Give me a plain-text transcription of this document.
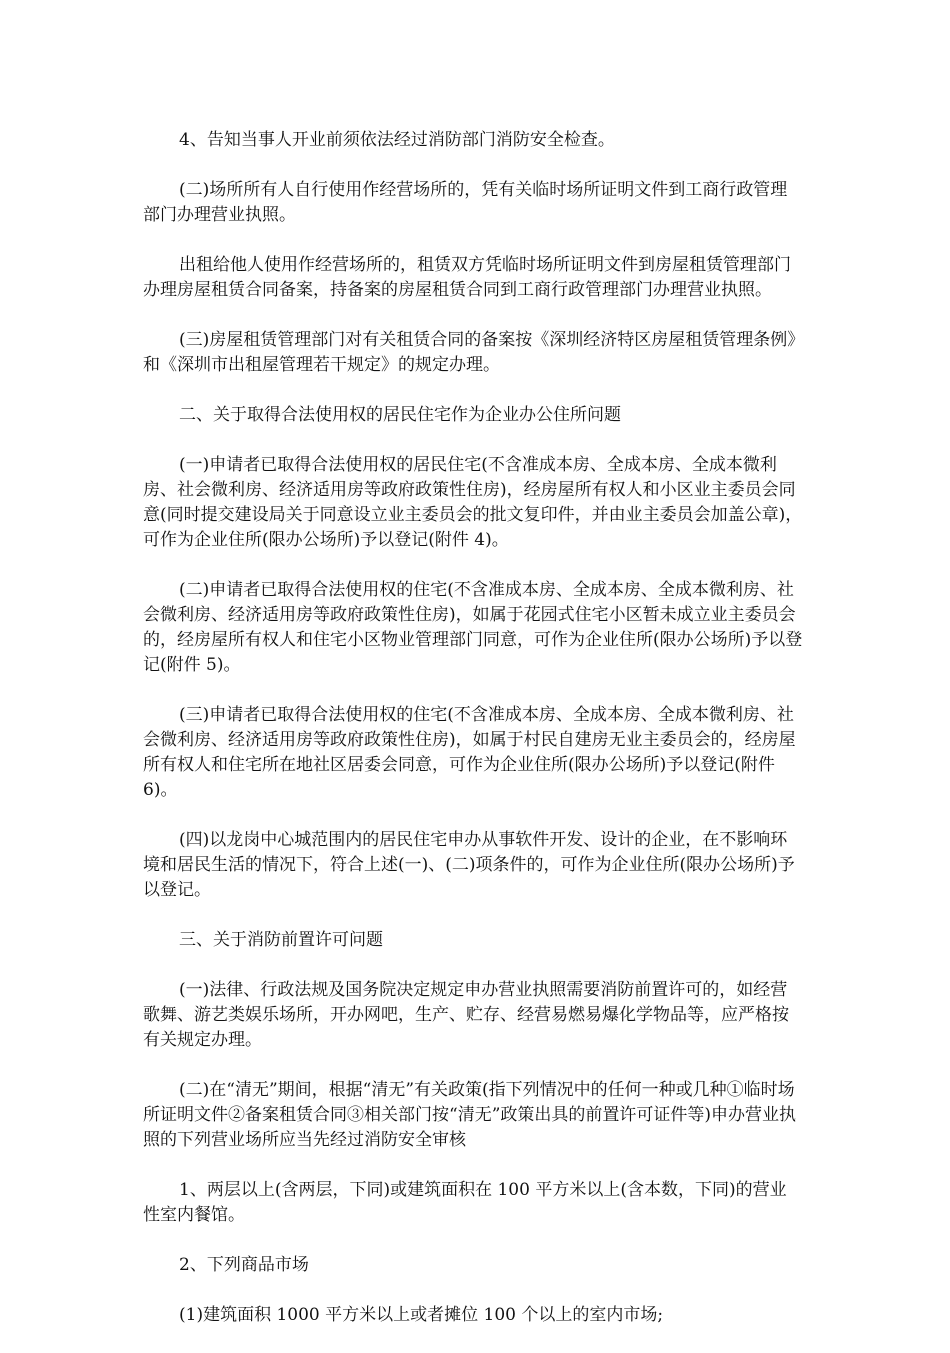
4、告知当事人开业前须依法经过消防部门消防安全检查。

(二)场所所有人自行使用作经营场所的，凭有关临时场所证明文件到工商行政管理部门办理营业执照。

出租给他人使用作经营场所的，租赁双方凭临时场所证明文件到房屋租赁管理部门办理房屋租赁合同备案，持备案的房屋租赁合同到工商行政管理部门办理营业执照。

(三)房屋租赁管理部门对有关租赁合同的备案按《深圳经济特区房屋租赁管理条例》和《深圳市出租屋管理若干规定》的规定办理。

二、关于取得合法使用权的居民住宅作为企业办公住所问题

(一)申请者已取得合法使用权的居民住宅(不含准成本房、全成本房、全成本微利房、社会微利房、经济适用房等政府政策性住房)，经房屋所有权人和小区业主委员会同意(同时提交建设局关于同意设立业主委员会的批文复印件，并由业主委员会加盖公章)，可作为企业住所(限办公场所)予以登记(附件 4)。

(二)申请者已取得合法使用权的住宅(不含准成本房、全成本房、全成本微利房、社会微利房、经济适用房等政府政策性住房)，如属于花园式住宅小区暂未成立业主委员会的，经房屋所有权人和住宅小区物业管理部门同意，可作为企业住所(限办公场所)予以登记(附件 5)。

(三)申请者已取得合法使用权的住宅(不含准成本房、全成本房、全成本微利房、社会微利房、经济适用房等政府政策性住房)，如属于村民自建房无业主委员会的，经房屋所有权人和住宅所在地社区居委会同意，可作为企业住所(限办公场所)予以登记(附件 6)。

(四)以龙岗中心城范围内的居民住宅申办从事软件开发、设计的企业，在不影响环境和居民生活的情况下，符合上述(一)、(二)项条件的，可作为企业住所(限办公场所)予以登记。

三、关于消防前置许可问题

(一)法律、行政法规及国务院决定规定申办营业执照需要消防前置许可的，如经营歌舞、游艺类娱乐场所，开办网吧，生产、贮存、经营易燃易爆化学物品等，应严格按有关规定办理。

(二)在“清无”期间，根据“清无”有关政策(指下列情况中的任何一种或几种①临时场所证明文件②备案租赁合同③相关部门按“清无”政策出具的前置许可证件等)申办营业执照的下列营业场所应当先经过消防安全审核

1、两层以上(含两层，下同)或建筑面积在 100 平方米以上(含本数，下同)的营业性室内餐馆。

2、下列商品市场

(1)建筑面积 1000 平方米以上或者摊位 100 个以上的室内市场;
